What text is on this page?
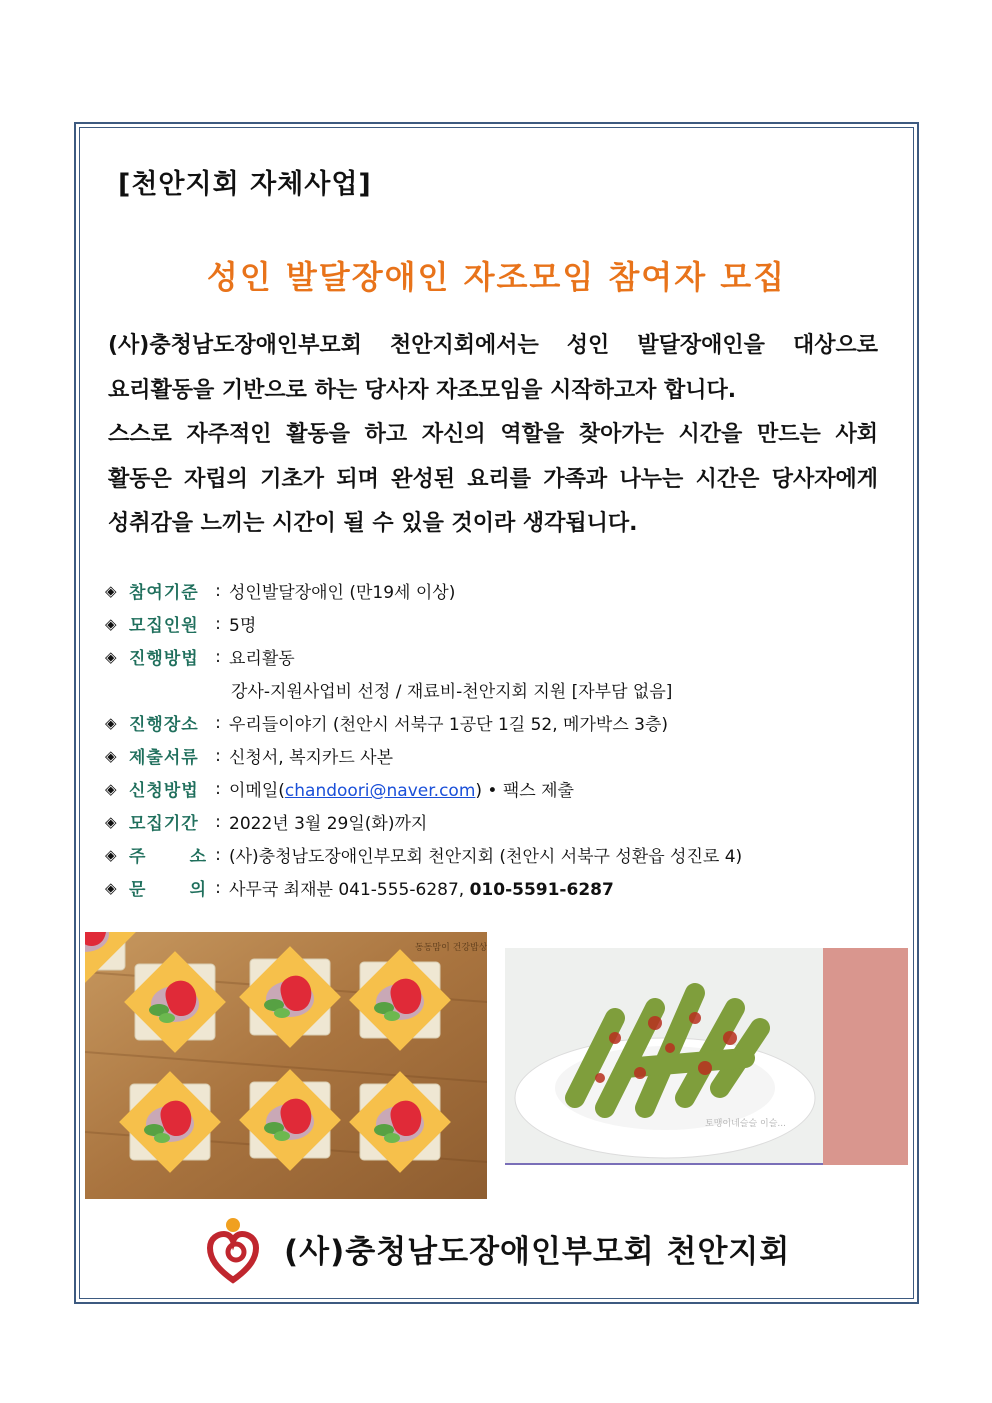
[천안지회 자체사업]
성인 발달장애인 자조모임 참여자 모집

(사)충청남도장애인부모회 천안지회에서는 성인 발달장애인을 대상으로

요리활동을 기반으로 하는 당사자 자조모임을 시작하고자 합니다.

스스로 자주적인 활동을 하고 자신의 역할을 찾아가는 시간을 만드는 사회

활동은 자립의 기초가 되며 완성된 요리를 가족과 나누는 시간은 당사자에게

성취감을 느끼는 시간이 될 수 있을 것이라 생각됩니다.

◈ 참여기준 : 성인발달장애인 (만19세 이상)
◈ 모집인원 : 5명
◈ 진행방법 : 요리활동
강사-지원사업비 선정 / 재료비-천안지회 지원 [자부담 없음]
◈ 진행장소 : 우리들이야기 (천안시 서북구 1공단 1길 52, 메가박스 3층)
◈ 제출서류 : 신청서, 복지카드 사본
◈ 신청방법 : 이메일(chandoori@naver.com) • 팩스 제출
◈ 모집기간 : 2022년 3월 29일(화)까지
◈ 주	소 : (사)충청남도장애인부모회 천안지회 (천안시 서북구 성환읍 성진로 4)
◈ 문	의 : 사무국 최재분 041-555-6287, 010-5591-6287
동동맘이 건강밥상
토맹이네슬슬 이슬...
(사)충청남도장애인부모회 천안지회
